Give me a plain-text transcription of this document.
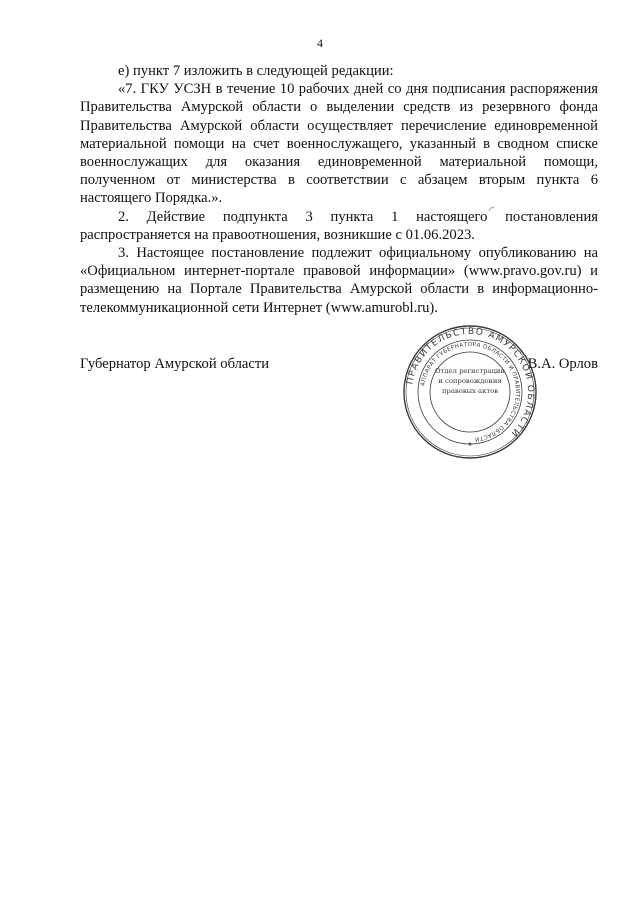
4

е) пункт 7 изложить в следующей редакции:

«7. ГКУ УСЗН в течение 10 рабочих дней со дня подписания распоряжения Правительства Амурской области о выделении средств из резервного фонда Правительства Амурской области осуществляет перечисление единовременной материальной помощи на счет военнослужащего, указанный в сводном списке военнослужащих для оказания единовременной материальной помощи, полученном от министерства в соответствии с абзацем вторым пункта 6 настоящего Порядка.».

2. Действие подпункта 3 пункта 1 настоящего постановления распространяется на правоотношения, возникшие с 01.06.2023.

3. Настоящее постановление подлежит официальному опубликованию на «Официальном интернет-портале правовой информации» (www.pravo.gov.ru) и размещению на Портале Правительства Амурской области в информационно-телекоммуникационной сети Интернет (www.amurobl.ru).

Губернатор Амурской области	В.А. Орлов
ПРАВИТЕЛЬСТВО АМУРСКОЙ ОБЛАСТИ
АППАРАТ ГУБЕРНАТОРА ОБЛАСТИ И ПРАВИТЕЛЬСТВА ОБЛАСТИ
★
Отдел регистрации и сопровождения правовых актов
